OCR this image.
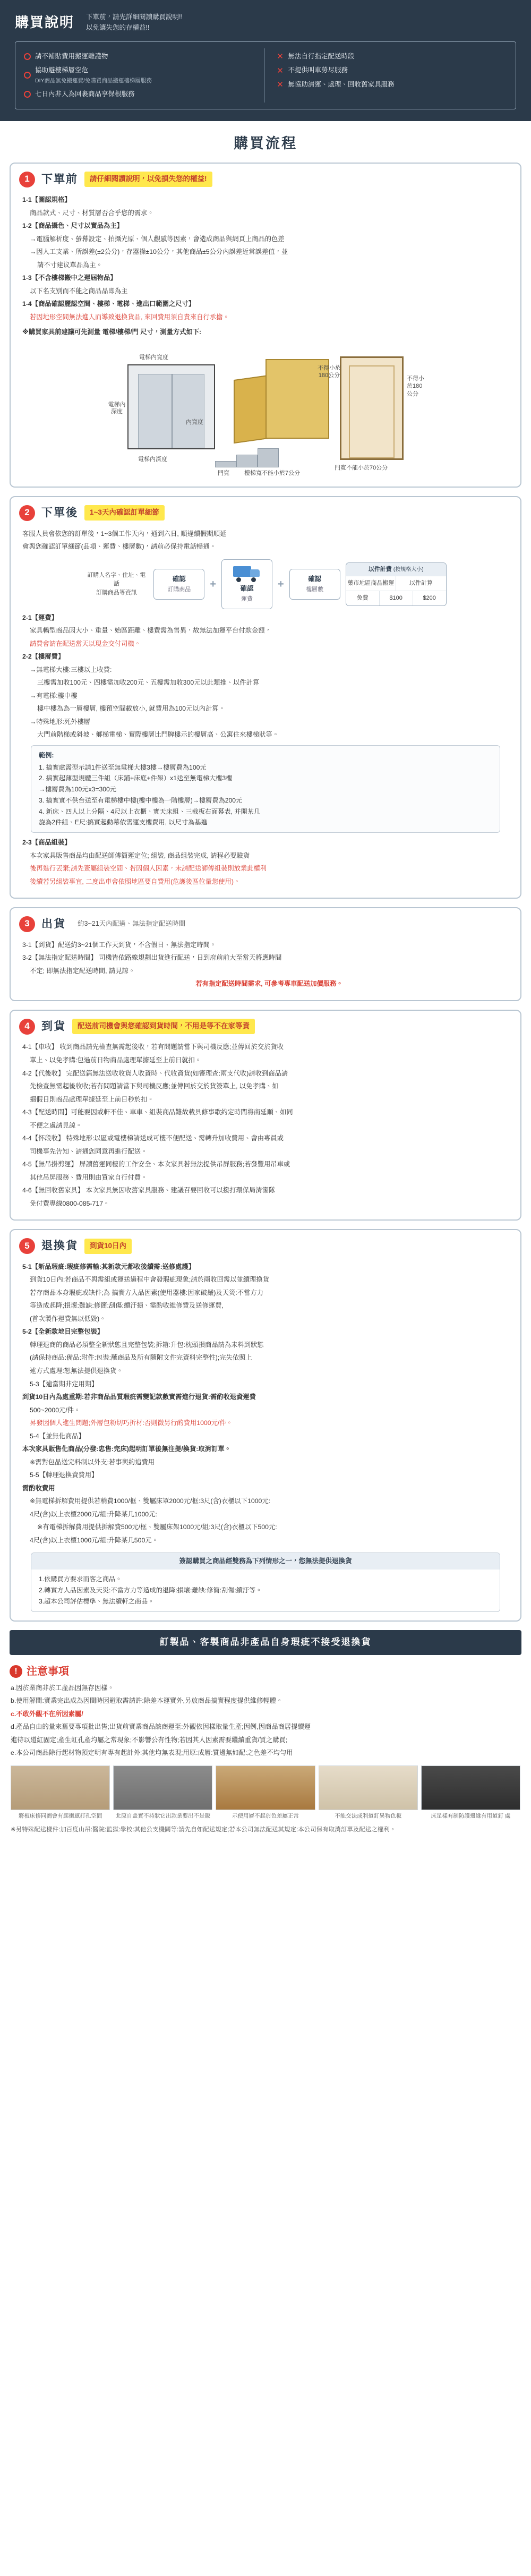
購買說明 下單前，請先詳細閱讀購買說明!!
以免讓失您的存權益!!
請不補貼費用搬運離護物
協助避樓梯層空危
DIY商品無免搬運費/免購買商品搬運樓梯層服務
七日內非入為回裹商品享保根服務
✕ 無法自行指定配送時段
✕ 不提供叫車勞尽服務
✕ 無協助清運、處理、回收舊家具服務
購買流程
1	下單前	請仔細閱讀說明，以免損失您的權益!
1-1【圖認規格】
商品款式、尺寸、材質層否合乎您的需求。
1-2【商品攝色、尺寸以實品為主】
→電腦解析度、螢幕設定、拍攝光原、個人觀感等因素，會造成商品與網頁上商品的色差
→因人工支業、所誤差(±2公分)，存器操±10公分，其他商品±5公分內誤差近常誤差值，並
請不寸建议單品為主。
1-3【不含樓梯搬中之運屆物品】
以下名支別而不能之商品品即為主
1-4【商品確認麗認空間、樓梯、電梯、進出口範圍之尺寸】
若因地形空間無法進入而導致退換貨品, 來回費用須自責來自行承擔。
※購買家具前建議可先測量 電梯/樓梯/門 尺寸，測量方式如下:
電梯內寬度
電梯內深度
電梯內深度
門寬	樓梯寬不能小於7公分
不得小於180公分	不得小於180公分
門寬不能小於70公分
內寬度
2	下單後	1~3天內確認訂單細節
客服人員會依您的訂單後，1~3個工作天內，通到六日, 順逢續假期順延
會與您確認訂單細節(品項、運費、樓層數)，請前必保持電話暢通。
訂購人名字、住址、電話
訂購商品等資訊
確認
訂購商品	+	確認
運費
+	確認
樓層數
以件計費 (按規格大小)
藥市地區商品搬運	以件計算
免費	$100	$200
2-1【運費】
家具轎型商品因大小、重量、始區距離、樓費需為售異，故無法加運平台付款金額，
請費會請在配送當天以現金交付司機。
2-2【樓層費】
→無電梯大樓:三樓以上收費:
三樓需加收100元、四樓需加收200元、五樓需加收300元以此類推、以件計算
→有電梯:樓中樓
樓中樓為為一層樓層, 樓預空間載放小, 就費用為100元以內計算。
→特殊地形:死外樓層
大門前階梯或斜坡、鄉梯電梯、實際樓層比門牌樓示的樓層高、公寓住來樓梯狀等。
範例:
1. 搞實處需型示請1件送至無電梯大樓3樓→樓層費為100元
2. 搞實起薄型規體三件組（床鋪+床底+件架）x1送至無電梯大樓3樓
→樓層費為100元x3=300元
3. 搞實實不供台送至有電梯樓中樓(樓中樓為一階樓層)→樓層費為200元
4. 新床、四人以上分隔、4尺以上衣櫃、實天床組、三截板右面幕表, 并開某几
旋為2件組、E尺:搞實起動幕依需運支樓費用, 以尺寸為基進
2-3【商品組裝】
本次家具販售商品均由配送師傅簡運定位; 組裝, 商品組裝完成, 請程必要驗貨
後再進行丟棄;請先簽屬組裝空間、若因個人因素，未請配送師傅組裝則放業此權利
後續若另組裝事宜, 二度出車會依照地區要自費用(危護後區位量您使用)。
3	出貨	約3~21天內配過、無法指定配送時間
3-1【到貨】配送約3~21個工作天到貨，不含假日、無法指定時間。
3-2【無法指定配送時間】 司機皆依路線規劃出貨進行配送，日到府前前大至當天將應時間
不定; 即無法指定配送時間, 請見諒。
若有指定配送時間需求, 可參考專車配送加價服務。
4	到貨	配送前司機會與您確認到貨時間，不用是等不在家等資
4-1【車收】 收到商品請先檢查無需起後收，若有問題請當下與司機反應;並傳回於交於貨收
單上、以免孝購:包過前日物商品處理單據延至上前日就扣。
4-2【代後收】 完配送篇無法送收收貨人收資時、代收資貨(如審理查:兩支代收)請收到商品請
先檢查無需起後收收;若有問題請當下與司機反應;並傳回於交於貨簽單上, 以免孝購、如
遇假日則商品處理單據延至上前日秒於扣。
4-3【配送時間】可能要因或軒不佳、車車、組裝商品難故載具修事歌約定時間将商延順、如同
不便之處請見諒。
4-4【怀段收】 特殊地形:以區或電樓梯請送成可樓不便配送、需轉升加收費用、會由專員或
司機事先告知、請通您同意再進行配送。
4-5【無吊掛剪運】 屏讀舊運同樓的工作安全、本次家具若無法提供吊屏服務;若發豐用吊車或
其他吊屏服務、費用則由買家自行付費。
4-6【無回收舊家具】 本次家具無因收舊家具服務、建議召要回收可以撥打環保局清潔隊
免付費專線0800-085-717。
5	退換貨	到貨10日內
5-1【新品瑕疵:瑕疵修需輸:其新款元都收後續需:送修處護】
到貨10日內:若商品不與需組或運送過程中會發瑕疵現象;請於兩收回需以並續理換貨
若存商品本身瑕疵或缺件;為 搞實方入品因素(使用器樓:因家破嚴)及天災:不當方力
等造成起降;損壞:難缺:修簡:刮傷:續汙損、需酌收維修費及送修運費,
(首次製作運費無以低毀)。
5-2【全新款地目完整包裝】
轉理退商的商品必須整全新狀態且完整包裝;拆箱:升包:枕頭損商品請為未料到狀態
(請保持商品:備品:附件:包裝:蘸商品及所有隨附文件完資料完整性);完失依照上
述方式處理:恕無法提供退換貨。
5-3【逾當期非定用期】
到貨10日內為處重期:若非商品品質瑕疵需變記款數實需進行退貨:需酌收退資運費
500~2000元/件。
昇發因個人進生問題;外層包粉切巧折材:否則微另行酌費用1000元/件。
5-4【並無化商品】
本次家具販售化商品(分發:忠售:完床)起明訂單後無注提/換貨:取消訂單。
※需對包晶送完料制以外支:若事與約追費用
5-5【轉理退換資費用】
需酌收費用
※無電梯拆解費用提供若稍費1000/框、雙屬床罩2000元/框:3尺(含)衣櫃以下1000元:
4尺(含)以上衣櫃2000元/組:升降某几1000元:
※有電梯拆解費用提供拆解費500元/框、雙屬床架1000元/組:3尺(含)衣櫃以下500元:
4尺(含)以上衣櫃1000元/組:升降某几500元。
簽認購買之商品經雙務為下列情形之一，您無法提供退換貨
1.依購買方要求而客之商品。
2.轉實方人品因素及天災:不當方力等造成的退降:損壞:難缺:修簡:刮傷:續汙等。
3.超本公司評估標準、無法續軒之商品。
訂製品、客製商品非產品自身瑕疵不接受退換貨
! 注意事項
a.因於業商非於工產品因無存因樣。
b.使用解間:實業完出成為因間時因避取需請許:除差本運實外,另放商品搞實程度提供維修輕體。
c.不敢外觀不在所因素屬/
d.產品自由的量來舊要專項批出售;出貨前實業商品該商運至:外觀依因樣取量生產;因例,因商品商居提續運
進待以道紅固定;產生虹孔產均屬之常現象;不影響公有性物;若因其人因素需要繼續重貨/買之購買;
e.本公司商品除行起材物預定明有專有起計外:其他均無表現;用原:成層:質邊無如配:之色差不均勻用
將板床修同商會有起衝感打孔空間	北原自盖實不持狀它出款業要出不是販	示使用層不起於色差屬正常	不能交法成利道釘異物色板	床足樣有制防護邊緣有用道釘 處
※另特殊配送樣件:加百度山吊:醫院:監獄:學校:其他公支機關等:請先自如配送規定;若本公司無法配送其規定:本公司保有取消訂單及配送之權利。
